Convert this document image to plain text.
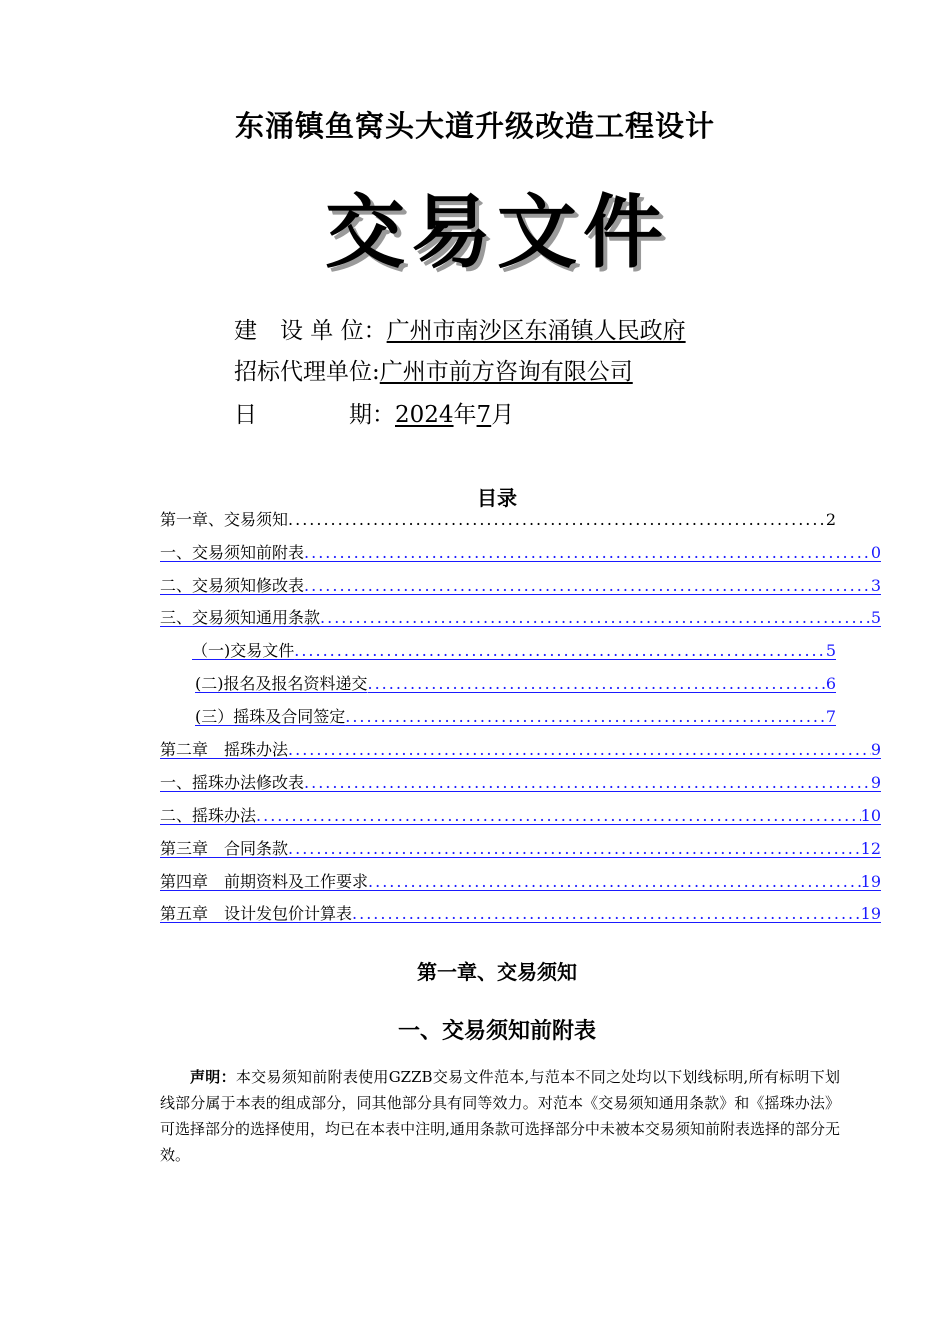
东涌镇鱼窝头大道升级改造工程设计
交易文件
建　设 单 位：广州市南沙区东涌镇人民政府
招标代理单位:广州市前方咨询有限公司
日　　　　期：2024年7月
目录
第一章、交易须知 .....	2
一、交易须知前附表 .....	0
二、交易须知修改表 .....	3
三、交易须知通用条款 .....	5
（一)交易文件 .....	5
(二)报名及报名资料递交 .....	6
(三）摇珠及合同签定 .....	7
第二章　摇珠办法 .....	9
一、摇珠办法修改表 .....	9
二、摇珠办法 .....	10
第三章　合同条款 .....	12
第四章　前期资料及工作要求 .....	19
第五章　设计发包价计算表 .....	19
第一章、交易须知
一、交易须知前附表
声明：本交易须知前附表使用GZZB交易文件范本,与范本不同之处均以下划线标明,所有标明下划线部分属于本表的组成部分，同其他部分具有同等效力。对范本《交易须知通用条款》和《摇珠办法》可选择部分的选择使用，均已在本表中注明,通用条款可选择部分中未被本交易须知前附表选择的部分无效。
